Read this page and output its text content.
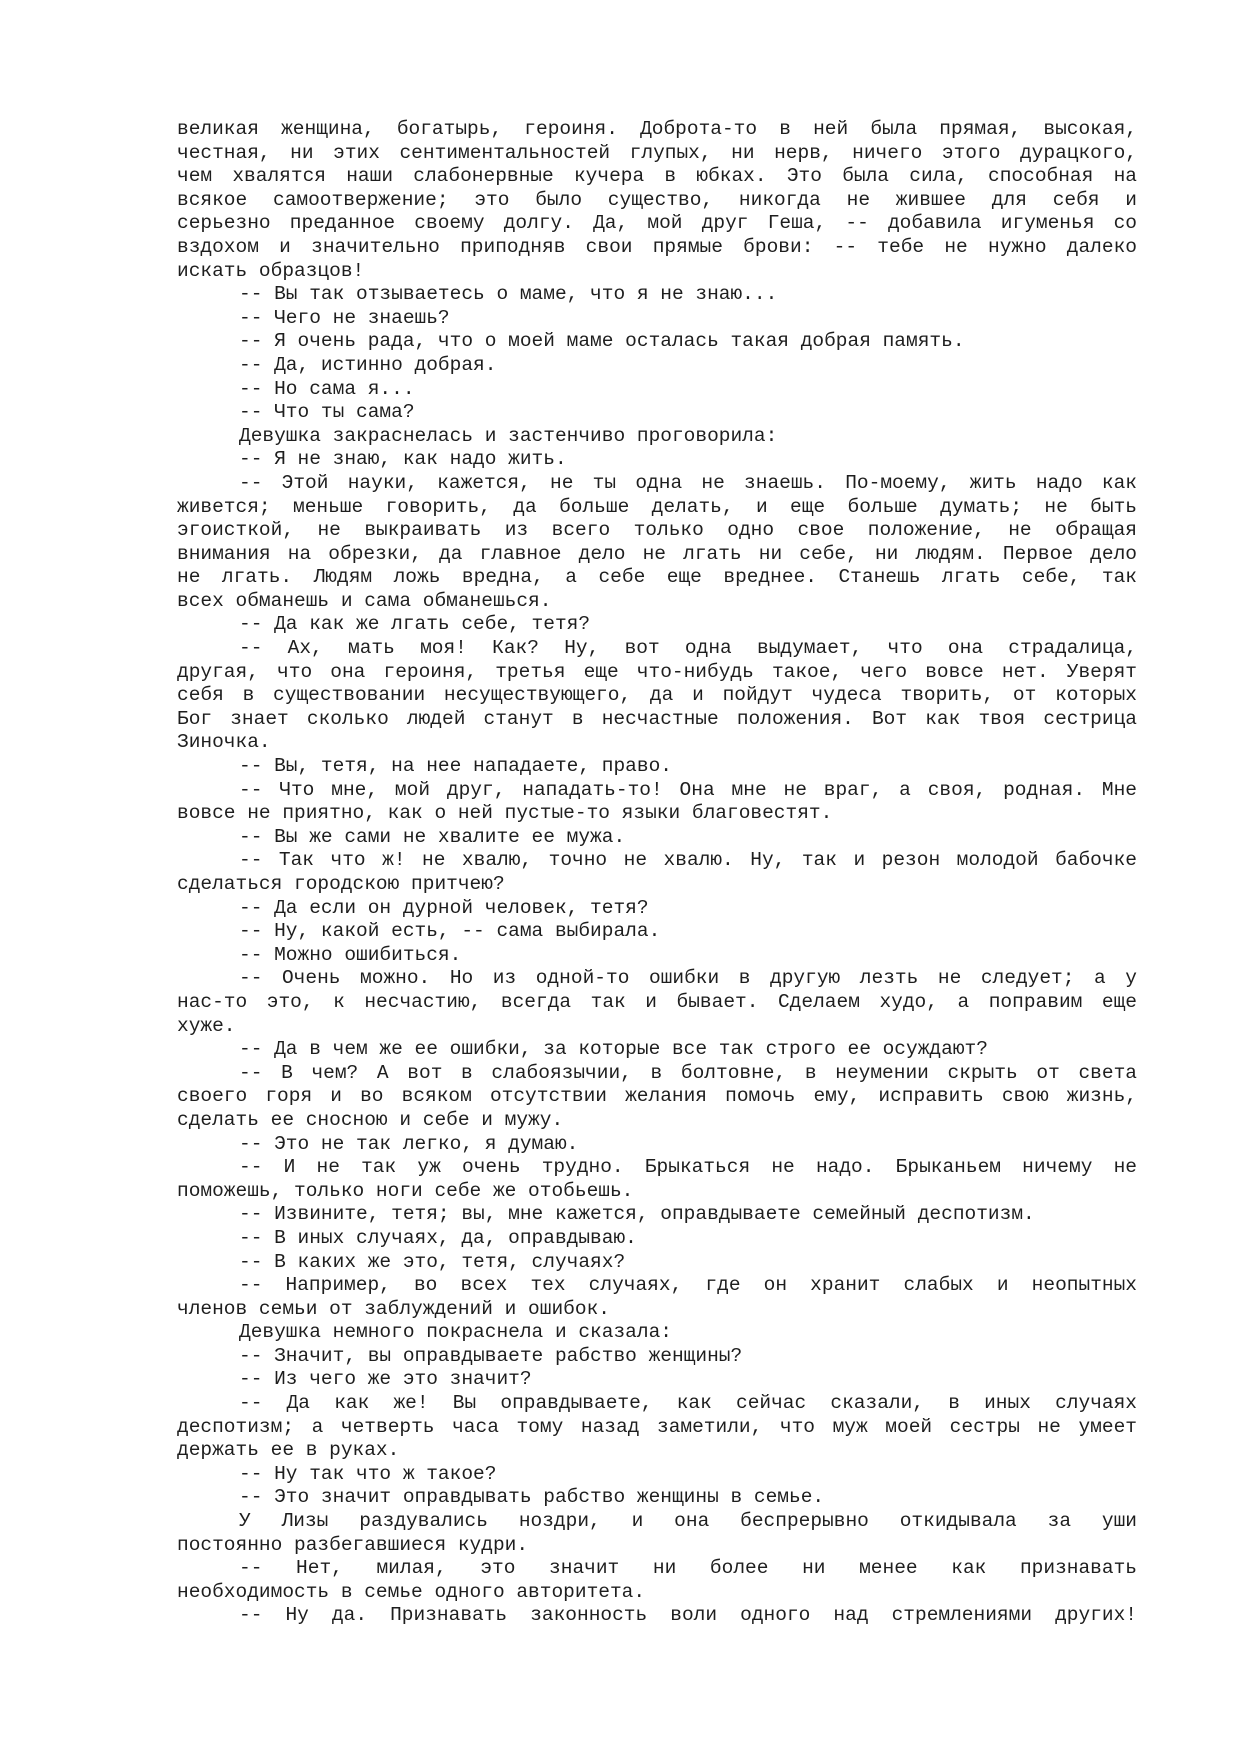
великая женщина, богатырь, героиня. Доброта-то в ней была прямая, высокая,
честная, ни этих сентиментальностей глупых, ни нерв, ничего этого дурацкого,
чем хвалятся наши слабонервные кучера в юбках. Это была сила, способная на
всякое самоотвержение; это было существо, никогда не жившее для себя и
серьезно преданное своему долгу. Да, мой друг Геша, -- добавила игуменья со
вздохом и значительно приподняв свои прямые брови: -- тебе не нужно далеко
искать образцов!
-- Вы так отзываетесь о маме, что я не знаю...
-- Чего не знаешь?
-- Я очень рада, что о моей маме осталась такая добрая память.
-- Да, истинно добрая.
-- Но сама я...
-- Что ты сама?
Девушка закраснелась и застенчиво проговорила:
-- Я не знаю, как надо жить.
-- Этой науки, кажется, не ты одна не знаешь. По-моему, жить надо как
живется; меньше говорить, да больше делать, и еще больше думать; не быть
эгоисткой, не выкраивать из всего только одно свое положение, не обращая
внимания на обрезки, да главное дело не лгать ни себе, ни людям. Первое дело
не лгать. Людям ложь вредна, а себе еще вреднее. Станешь лгать себе, так
всех обманешь и сама обманешься.
-- Да как же лгать себе, тетя?
-- Ах, мать моя! Как? Ну, вот одна выдумает, что она страдалица,
другая, что она героиня, третья еще что-нибудь такое, чего вовсе нет. Уверят
себя в существовании несуществующего, да и пойдут чудеса творить, от которых
Бог знает сколько людей станут в несчастные положения. Вот как твоя сестрица
Зиночка.
-- Вы, тетя, на нее нападаете, право.
-- Что мне, мой друг, нападать-то! Она мне не враг, а своя, родная. Мне
вовсе не приятно, как о ней пустые-то языки благовестят.
-- Вы же сами не хвалите ее мужа.
-- Так что ж! не хвалю, точно не хвалю. Ну, так и резон молодой бабочке
сделаться городскою притчею?
-- Да если он дурной человек, тетя?
-- Ну, какой есть, -- сама выбирала.
-- Можно ошибиться.
-- Очень можно. Но из одной-то ошибки в другую лезть не следует; а у
нас-то это, к несчастию, всегда так и бывает. Сделаем худо, а поправим еще
хуже.
-- Да в чем же ее ошибки, за которые все так строго ее осуждают?
-- В чем? А вот в слабоязычии, в болтовне, в неумении скрыть от света
своего горя и во всяком отсутствии желания помочь ему, исправить свою жизнь,
сделать ее сносною и себе и мужу.
-- Это не так легко, я думаю.
-- И не так уж очень трудно. Брыкаться не надо. Брыканьем ничему не
поможешь, только ноги себе же отобьешь.
-- Извините, тетя; вы, мне кажется, оправдываете семейный деспотизм.
-- В иных случаях, да, оправдываю.
-- В каких же это, тетя, случаях?
-- Например, во всех тех случаях, где он хранит слабых и неопытных
членов семьи от заблуждений и ошибок.
Девушка немного покраснела и сказала:
-- Значит, вы оправдываете рабство женщины?
-- Из чего же это значит?
-- Да как же! Вы оправдываете, как сейчас сказали, в иных случаях
деспотизм; а четверть часа тому назад заметили, что муж моей сестры не умеет
держать ее в руках.
-- Ну так что ж такое?
-- Это значит оправдывать рабство женщины в семье.
У Лизы раздувались ноздри, и она беспрерывно откидывала за уши
постоянно разбегавшиеся кудри.
-- Нет, милая, это значит ни более ни менее как признавать
необходимость в семье одного авторитета.
-- Ну да. Признавать законность воли одного над стремлениями других!
